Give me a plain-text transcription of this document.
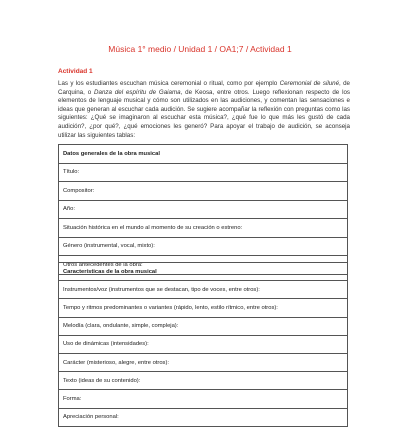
Música 1° medio / Unidad 1 / OA1;7 / Actividad 1
Actividad 1
Las y los estudiantes escuchan música ceremonial o ritual, como por ejemplo Ceremonial de siluné, de Carquina, o Danza del espíritu de Gaiama, de Keosa, entre otros. Luego reflexionan respecto de los elementos de lenguaje musical y cómo son utilizados en las audiciones, y comentan las sensaciones e ideas que generan al escuchar cada audición. Se sugiere acompañar la reflexión con preguntas como las siguientes: ¿Qué se imaginaron al escuchar esta música?, ¿qué fue lo que más les gustó de cada audición?, ¿por qué?, ¿qué emociones les generó? Para apoyar el trabajo de audición, se aconseja utilizar las siguientes tablas:
Datos generales de la obra musical
Título:
Compositor:
Año:
Situación histórica en el mundo al momento de su creación o estreno:
Género (instrumental, vocal, mixto):
Otros antecedentes de la obra:
Características de la obra musical
Instrumentos/voz (instrumentos que se destacan, tipo de voces, entre otros):
Tempo y ritmos predominantes o variantes (rápido, lento, estilo rítmico, entre otros):
Melodía (clara, ondulante, simple, compleja):
Uso de dinámicas (intensidades):
Carácter (misterioso, alegre, entre otros):
Texto (ideas de su contenido):
Forma:
Apreciación personal:
